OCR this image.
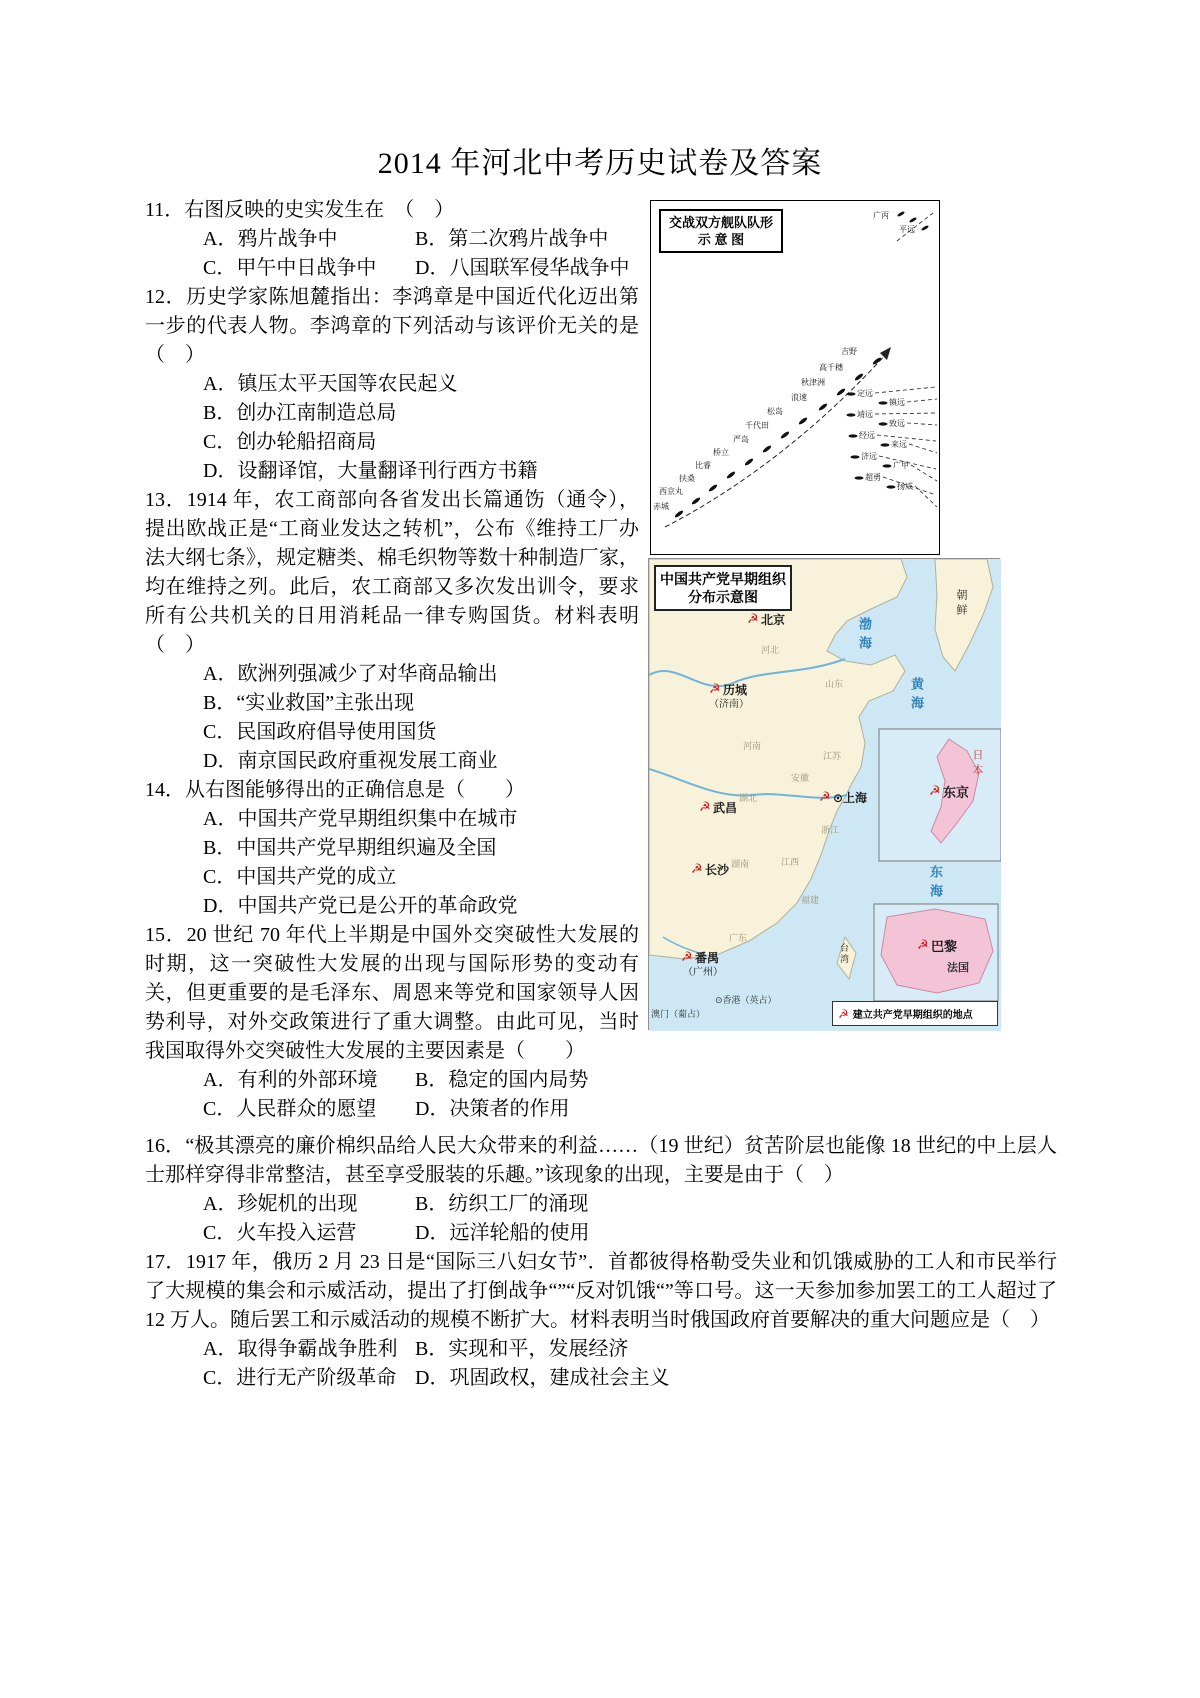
2014 年河北中考历史试卷及答案

11．右图反映的史实发生在　（　）

A．鸦片战争中	B．第二次鸦片战争中

C．甲午中日战争中 D．八国联军侵华战争中

12．历史学家陈旭麓指出：李鸿章是中国近代化迈出第一步的代表人物。李鸿章的下列活动与该评价无关的是（　）

A．镇压太平天国等农民起义

B．创办江南制造总局

C．创办轮船招商局

D．设翻译馆，大量翻译刊行西方书籍

13．1914 年，农工商部向各省发出长篇通饬（通令），提出欧战正是“工商业发达之转机”，公布《维持工厂办法大纲七条》，规定糖类、棉毛织物等数十种制造厂家，均在维持之列。此后，农工商部又多次发出训令，要求所有公共机关的日用消耗品一律专购国货。材料表明（　）

A．欧洲列强减少了对华商品输出

B．“实业救国”主张出现

C．民国政府倡导使用国货

D．南京国民政府重视发展工商业

14．从右图能够得出的正确信息是（　　）

A．中国共产党早期组织集中在城市

B．中国共产党早期组织遍及全国

C．中国共产党的成立

D．中国共产党已是公开的革命政党

15．20 世纪 70 年代上半期是中国外交突破性大发展的时期，这一突破性大发展的出现与国际形势的变动有关，但更重要的是毛泽东、周恩来等党和国家领导人因势利导，对外交政策进行了重大调整。由此可见，当时我国取得外交突破性大发展的主要因素是（　　）

A．有利的外部环境 B．稳定的国内局势

C．人民群众的愿望 D．决策者的作用

16．“极其漂亮的廉价棉织品给人民大众带来的利益……（19 世纪）贫苦阶层也能像 18 世纪的中上层人士那样穿得非常整洁，甚至享受服装的乐趣。”该现象的出现，主要是由于（　）

A．珍妮机的出现	B．纺织工厂的涌现

C．火车投入运营	D．远洋轮船的使用

17．1917 年，俄历 2 月 23 日是“国际三八妇女节”．首都彼得格勒受失业和饥饿威胁的工人和市民举行了大规模的集会和示威活动，提出了打倒战争“”“反对饥饿“”等口号。这一天参加参加罢工的工人超过了 12 万人。随后罢工和示威活动的规模不断扩大。材料表明当时俄国政府首要解决的重大问题应是（　）

A．取得争霸战争胜利 B．实现和平，发展经济

C．进行无产阶级革命 D．巩固政权，建成社会主义

交战双方舰队队形
示 意 图
吉野
高千穗
秋津洲
浪速
松岛
千代田
严岛
桥立
比睿
扶桑
西京丸
赤城
定远
镇远
靖远
致远
经远
来远
济远
广甲
超勇
扬威
广丙
平远
中国共产党早期组织
分布示意图
渤海
黄海
东海
朝鲜
日本
法国
河北
山东
河南
江苏
安徽
湖北
浙江
湖南	江西
福建
广东
☭ 北京
☭ 历城
（济南）
☭ 武昌
☭ ⊙上海
☭ 长沙
☭ 番禺
（广州）
⊙香港（英占）
澳门（葡占）
台湾
☭ 东京
☭ 巴黎
☭ 建立共产党早期组织的地点
